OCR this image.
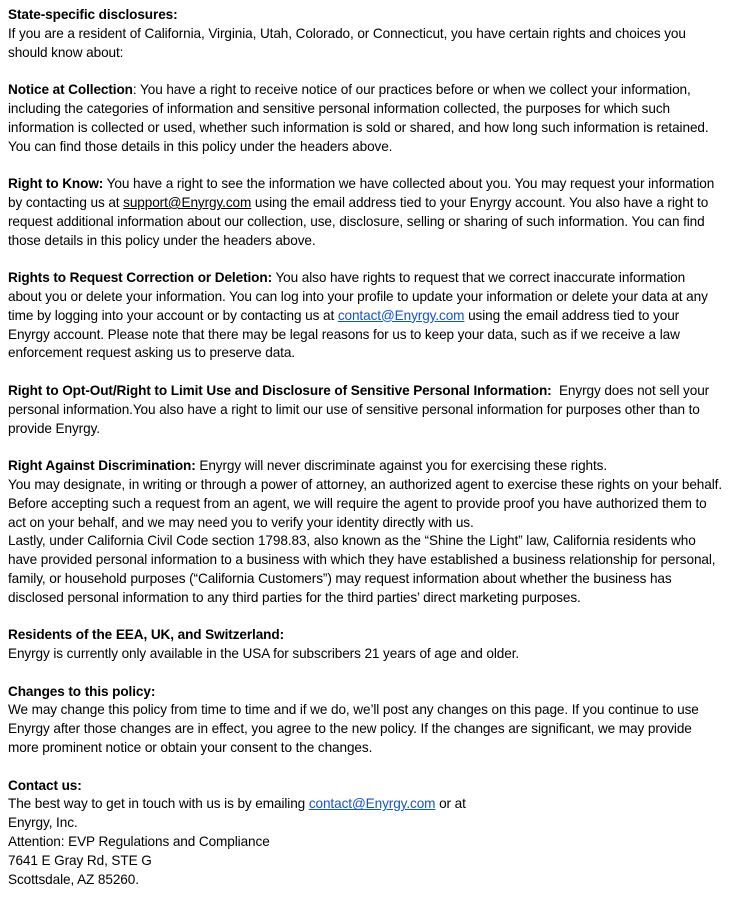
State-specific disclosures:

If you are a resident of California, Virginia, Utah, Colorado, or Connecticut, you have certain rights and choices you should know about:

Notice at Collection: You have a right to receive notice of our practices before or when we collect your information, including the categories of information and sensitive personal information collected, the purposes for which such information is collected or used, whether such information is sold or shared, and how long such information is retained. You can find those details in this policy under the headers above.

Right to Know: You have a right to see the information we have collected about you. You may request your information by contacting us at support@Enyrgy.com using the email address tied to your Enyrgy account. You also have a right to request additional information about our collection, use, disclosure, selling or sharing of such information. You can find those details in this policy under the headers above.

Rights to Request Correction or Deletion: You also have rights to request that we correct inaccurate information about you or delete your information. You can log into your profile to update your information or delete your data at any time by logging into your account or by contacting us at contact@Enyrgy.com using the email address tied to your Enyrgy account. Please note that there may be legal reasons for us to keep your data, such as if we receive a law enforcement request asking us to preserve data.

Right to Opt-Out/Right to Limit Use and Disclosure of Sensitive Personal Information:  Enyrgy does not sell your personal information.You also have a right to limit our use of sensitive personal information for purposes other than to provide Enyrgy.

Right Against Discrimination: Enyrgy will never discriminate against you for exercising these rights.

You may designate, in writing or through a power of attorney, an authorized agent to exercise these rights on your behalf. Before accepting such a request from an agent, we will require the agent to provide proof you have authorized them to act on your behalf, and we may need you to verify your identity directly with us.

Lastly, under California Civil Code section 1798.83, also known as the “Shine the Light” law, California residents who have provided personal information to a business with which they have established a business relationship for personal, family, or household purposes (“California Customers”) may request information about whether the business has disclosed personal information to any third parties for the third parties’ direct marketing purposes.

Residents of the EEA, UK, and Switzerland:

Enyrgy is currently only available in the USA for subscribers 21 years of age and older.

Changes to this policy:

We may change this policy from time to time and if we do, we’ll post any changes on this page. If you continue to use Enyrgy after those changes are in effect, you agree to the new policy. If the changes are significant, we may provide more prominent notice or obtain your consent to the changes.

Contact us:

The best way to get in touch with us is by emailing contact@Enyrgy.com or at

Enyrgy, Inc.

Attention: EVP Regulations and Compliance

7641 E Gray Rd, STE G

Scottsdale, AZ 85260.
